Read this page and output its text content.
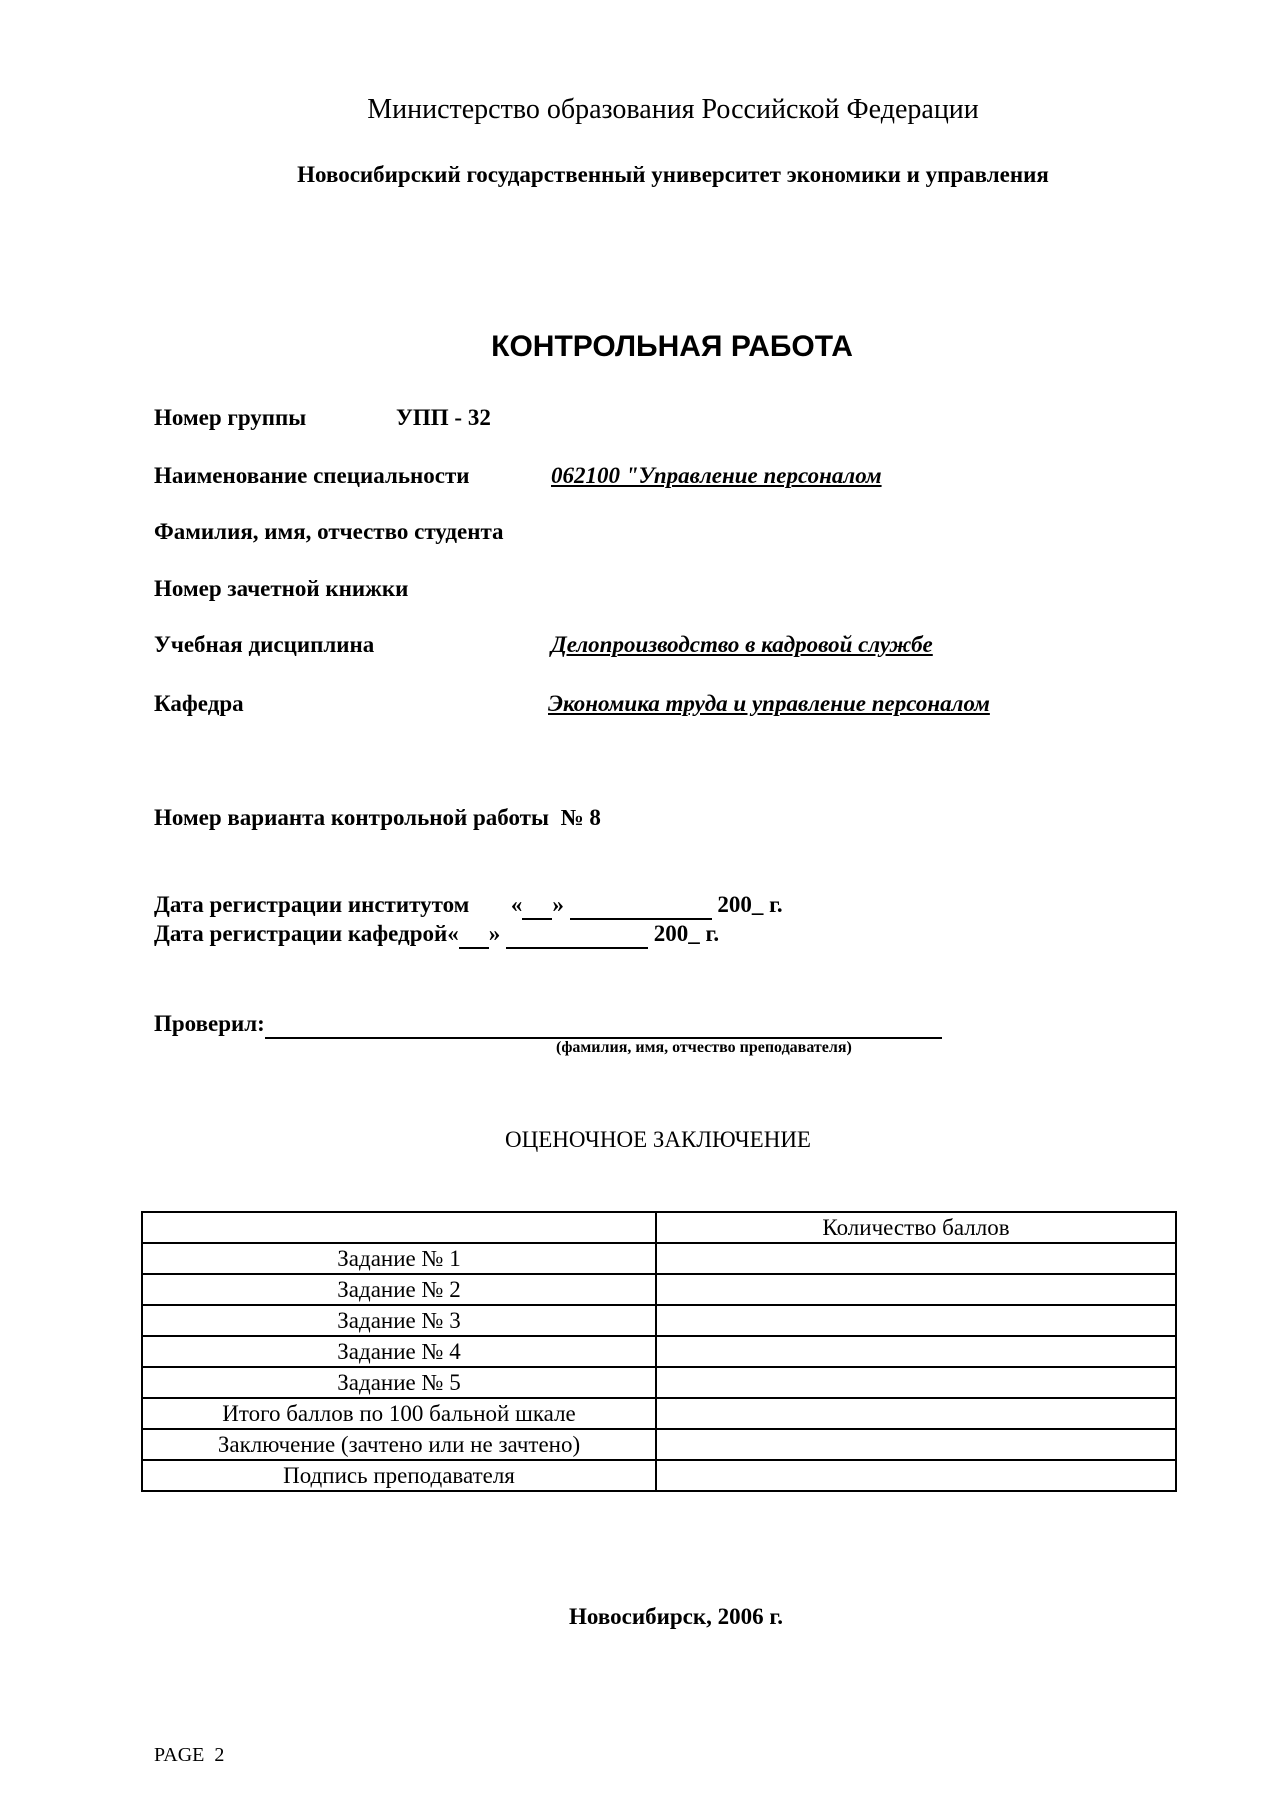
Министерство образования Российской Федерации
Новосибирский государственный университет экономики и управления
КОНТРОЛЬНАЯ РАБОТА
Номер группы	УПП - 32
Наименование специальности	062100 "Управление персоналом
Фамилия, имя, отчество студента
Номер зачетной книжки
Учебная дисциплина	Делопроизводство в кадровой службе
Кафедра	Экономика труда и управление персоналом
Номер варианта контрольной работы № 8
Дата регистрации институтом « »	200_ г.
Дата регистрации кафедрой« »	200_ г.
Проверил:
(фамилия, имя, отчество преподавателя)
ОЦЕНОЧНОЕ ЗАКЛЮЧЕНИЕ
	Количество баллов
Задание № 1	
Задание № 2	
Задание № 3	
Задание № 4	
Задание № 5	
Итого баллов по 100 бальной шкале	
Заключение (зачтено или не зачтено)	
Подпись преподавателя	
Новосибирск, 2006 г.
PAGE 2
